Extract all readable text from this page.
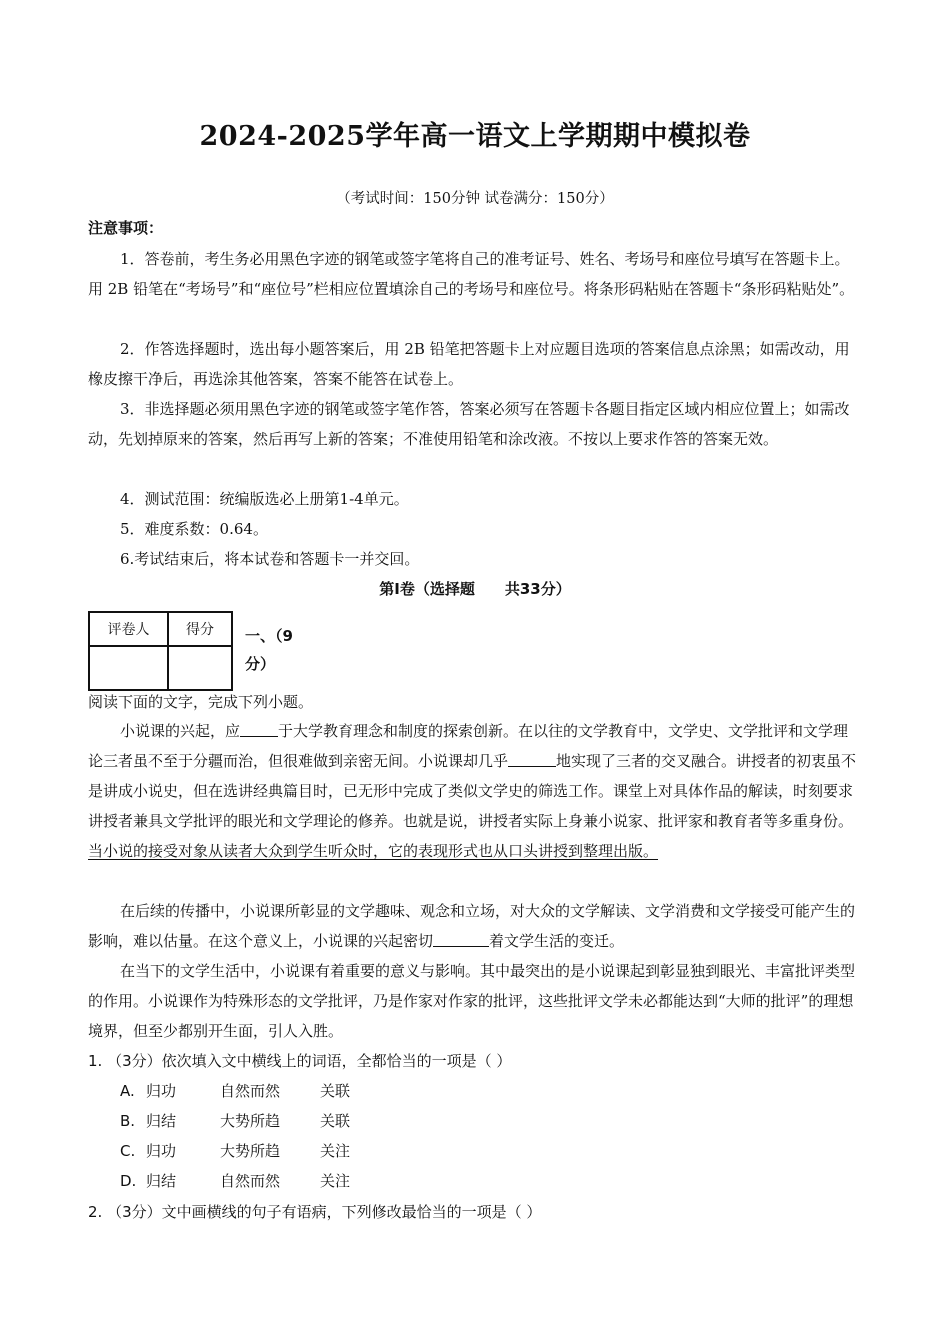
2024-2025学年高一语文上学期期中模拟卷
（考试时间：150分钟 试卷满分：150分）
注意事项：
1．答卷前，考生务必用黑色字迹的钢笔或签字笔将自己的准考证号、姓名、考场号和座位号填写在答题卡上。用 2B 铅笔在“考场号”和“座位号”栏相应位置填涂自己的考场号和座位号。将条形码粘贴在答题卡“条形码粘贴处”。
2．作答选择题时，选出每小题答案后，用 2B 铅笔把答题卡上对应题目选项的答案信息点涂黑；如需改动，用橡皮擦干净后，再选涂其他答案，答案不能答在试卷上。
3．非选择题必须用黑色字迹的钢笔或签字笔作答，答案必须写在答题卡各题目指定区域内相应位置上；如需改动，先划掉原来的答案，然后再写上新的答案；不准使用铅笔和涂改液。不按以上要求作答的答案无效。
4．测试范围：统编版选必上册第1-4单元。
5．难度系数：0.64。
6.考试结束后，将本试卷和答题卡一并交回。
第Ⅰ卷（选择题 共33分）
评卷人	得分
	一、（9
分）
阅读下面的文字，完成下列小题。
小说课的兴起，应	于大学教育理念和制度的探索创新。在以往的文学教育中，文学史、文学批评和文学理论三者虽不至于分疆而治，但很难做到亲密无间。小说课却几乎	地实现了三者的交叉融合。讲授者的初衷虽不是讲成小说史，但在选讲经典篇目时，已无形中完成了类似文学史的筛选工作。课堂上对具体作品的解读，时刻要求讲授者兼具文学批评的眼光和文学理论的修养。也就是说，讲授者实际上身兼小说家、批评家和教育者等多重身份。当小说的接受对象从读者大众到学生听众时，它的表现形式也从口头讲授到整理出版。
在后续的传播中，小说课所彰显的文学趣味、观念和立场，对大众的文学解读、文学消费和文学接受可能产生的影响，难以估量。在这个意义上，小说课的兴起密切	着文学生活的变迁。
在当下的文学生活中，小说课有着重要的意义与影响。其中最突出的是小说课起到彰显独到眼光、丰富批评类型的作用。小说课作为特殊形态的文学批评，乃是作家对作家的批评，这些批评文学未必都能达到“大师的批评”的理想境界，但至少都别开生面，引人入胜。
1. （3分）依次填入文中横线上的词语，全都恰当的一项是（ ）
A. 归功	自然而然	关联
B. 归结	大势所趋	关联
C. 归功	大势所趋	关注
D. 归结	自然而然	关注
2. （3分）文中画横线的句子有语病，下列修改最恰当的一项是（ ）
